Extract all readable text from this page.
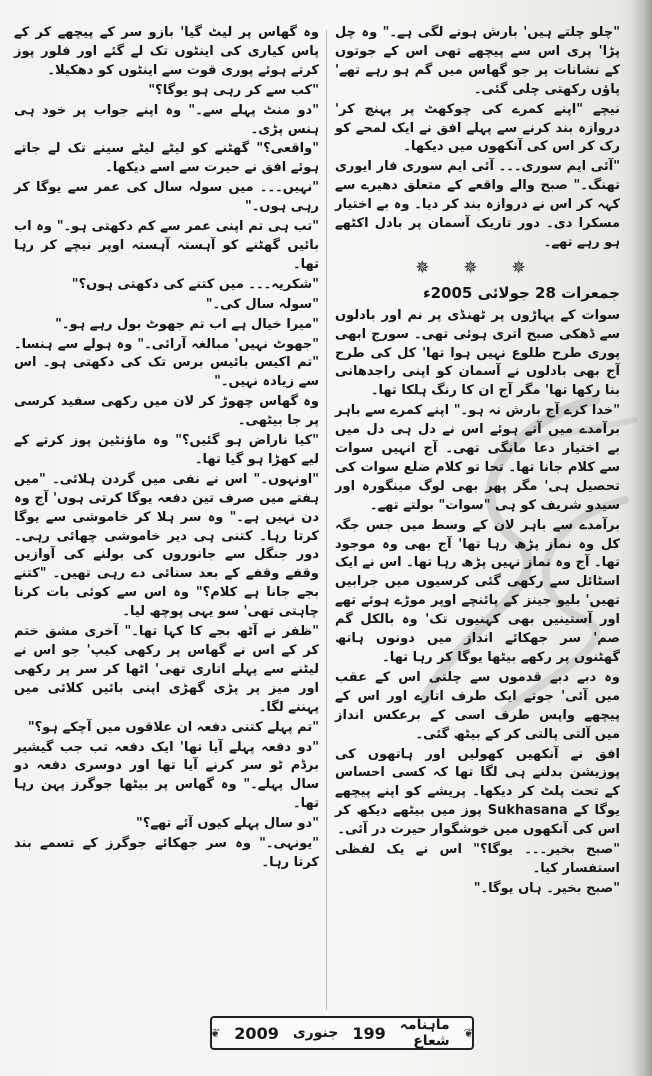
"چلو چلتے ہیں' بارش ہونے لگی ہے۔" وہ چل پڑا' پری اس سے پیچھے تھی اس کے جوتوں کے نشانات پر جو گھاس میں گم ہو رہے تھے' پاؤں رکھتی چلی گئی۔

نیچے "اپنے کمرے کی چوکھٹ پر پہنچ کر' دروازہ بند کرنے سے پہلے افق نے ایک لمحے کو رک کر اس کی آنکھوں میں دیکھا۔

"آئی ایم سوری۔۔۔ آئی ایم سوری فار ایوری تھنگ۔" صبح والے واقعے کے متعلق دھیرے سے کہہ کر اس نے دروازہ بند کر دیا۔ وہ بے اختیار مسکرا دی۔ دور تاریک آسمان پر بادل اکٹھے ہو رہے تھے۔

✵ ✵ ✵
جمعرات 28 جولائی 2005ء

سوات کے پہاڑوں پر ٹھنڈی پر نم اور بادلوں سے ڈھکی صبح اتری ہوئی تھی۔ سورج ابھی پوری طرح طلوع نہیں ہوا تھا' کل کی طرح آج بھی بادلوں نے آسمان کو اپنی راجدھانی بنا رکھا تھا' مگر آج ان کا رنگ ہلکا تھا۔

"خدا کرے آج بارش نہ ہو۔" اپنے کمرے سے باہر برآمدے میں آتے ہوئے اس نے دل ہی دل میں بے اختیار دعا مانگی تھی۔ آج انہیں سوات سے کلام جانا تھا۔ تحا تو کلام ضلع سوات کی تحصیل ہی' مگر پھر بھی لوگ مینگورہ اور سیدو شریف کو ہی "سوات" بولتے تھے۔

برآمدے سے باہر لان کے وسط میں جس جگہ کل وہ نماز پڑھ رہا تھا' آج بھی وہ موجود تھا۔ آج وہ نماز نہیں پڑھ رہا تھا۔ اس نے ایک اسٹائل سے رکھی گئی کرسیوں میں جرابیں تھیں' بلیو جینز کے پائنچے اوپر موڑے ہوئے تھے اور آستینیں بھی کہنیوں تک' وہ بالکل گم صم' سر جھکائے انداز میں دونوں ہاتھ گھٹنوں پر رکھے بیٹھا یوگا کر رہا تھا۔

وہ دبے دبے قدموں سے چلتی اس کے عقب میں آئی' جوتے ایک طرف اتارے اور اس کے پیچھے واپس طرف اسی کے برعکس انداز میں آلتی پالتی کر کے بیٹھ گئی۔

افق نے آنکھیں کھولیں اور ہاتھوں کی پوزیشن بدلنے ہی لگا تھا کہ کسی احساس کے تحت پلٹ کر دیکھا۔ پریشے کو اپنے پیچھے یوگا کے Sukhasana پوز میں بیٹھے دیکھ کر اس کی آنکھوں میں خوشگوار حیرت در آئی۔

"صبح بخیر۔۔۔ یوگا؟" اس نے یک لفظی استفسار کیا۔

"صبح بخیر۔ ہاں یوگا۔"

وہ گھاس پر لیٹ گیا' بازو سر کے پیچھے کر کے پاس کیاری کی اینٹوں تک لے گئے اور فلور پوز کرتے ہوئے پوری قوت سے اینٹوں کو دھکیلا۔

"کب سے کر رہی ہو یوگا؟"

"دو منٹ پہلے سے۔" وہ اپنے جواب پر خود ہی ہنس پڑی۔

"واقعی؟" گھٹنے کو لیٹے لیٹے سینے تک لے جاتے ہوئے افق نے حیرت سے اسے دیکھا۔

"نہیں۔۔۔ میں سولہ سال کی عمر سے یوگا کر رہی ہوں۔"

"تب ہی تم اپنی عمر سے کم دکھتی ہو۔" وہ اب بائیں گھٹنے کو آہستہ آہستہ اوپر نیچے کر رہا تھا۔

"شکریہ۔۔۔ میں کتنے کی دکھتی ہوں؟"

"سولہ سال کی۔"

"میرا خیال ہے اب تم جھوٹ بول رہے ہو۔"

"جھوٹ نہیں' مبالغہ آرائی۔" وہ ہولے سے ہنسا۔ "تم اکیس بائیس برس تک کی دکھتی ہو۔ اس سے زیادہ نہیں۔"

وہ گھاس چھوڑ کر لان میں رکھی سفید کرسی پر جا بیٹھی۔

"کیا ناراض ہو گئیں؟" وہ ماؤنٹین پوز کرتے کے لیے کھڑا ہو گیا تھا۔

"اونہوں۔" اس نے نفی میں گردن ہلائی۔ "میں ہفتے میں صرف تین دفعہ یوگا کرتی ہوں' آج وہ دن نہیں ہے۔" وہ سر ہلا کر خاموشی سے یوگا کرتا رہا۔ کتنی ہی دیر خاموشی چھائی رہی۔ دور جنگل سے جانوروں کی بولنے کی آوازیں وقفے وقفے کے بعد سنائی دے رہی تھیں۔ "کتنے بجے جانا ہے کلام؟" وہ اس سے کوئی بات کرنا چاہتی تھی' سو یہی پوچھ لیا۔

"ظفر نے آٹھ بجے کا کہا تھا۔" آخری مشق ختم کر کے اس نے گھاس پر رکھی کیپ' جو اس نے لیٹنے سے پہلے اتاری تھی' اٹھا کر سر پر رکھی اور میز پر پڑی گھڑی اپنی بائیں کلائی میں پہننے لگا۔

"تم پہلے کتنی دفعہ ان علاقوں میں آچکے ہو؟"

"دو دفعہ پہلے آیا تھا' ایک دفعہ تب جب گیشیر برڈم ٹو سر کرنے آیا تھا اور دوسری دفعہ دو سال پہلے۔" وہ گھاس پر بیٹھا جوگرز پہن رہا تھا۔

"دو سال پہلے کیوں آئے تھے؟"

"یونہی۔" وہ سر جھکائے جوگرز کے تسمے بند کرتا رہا۔

❦
ماہنامہ شعاع
199
جنوری
2009
❦
